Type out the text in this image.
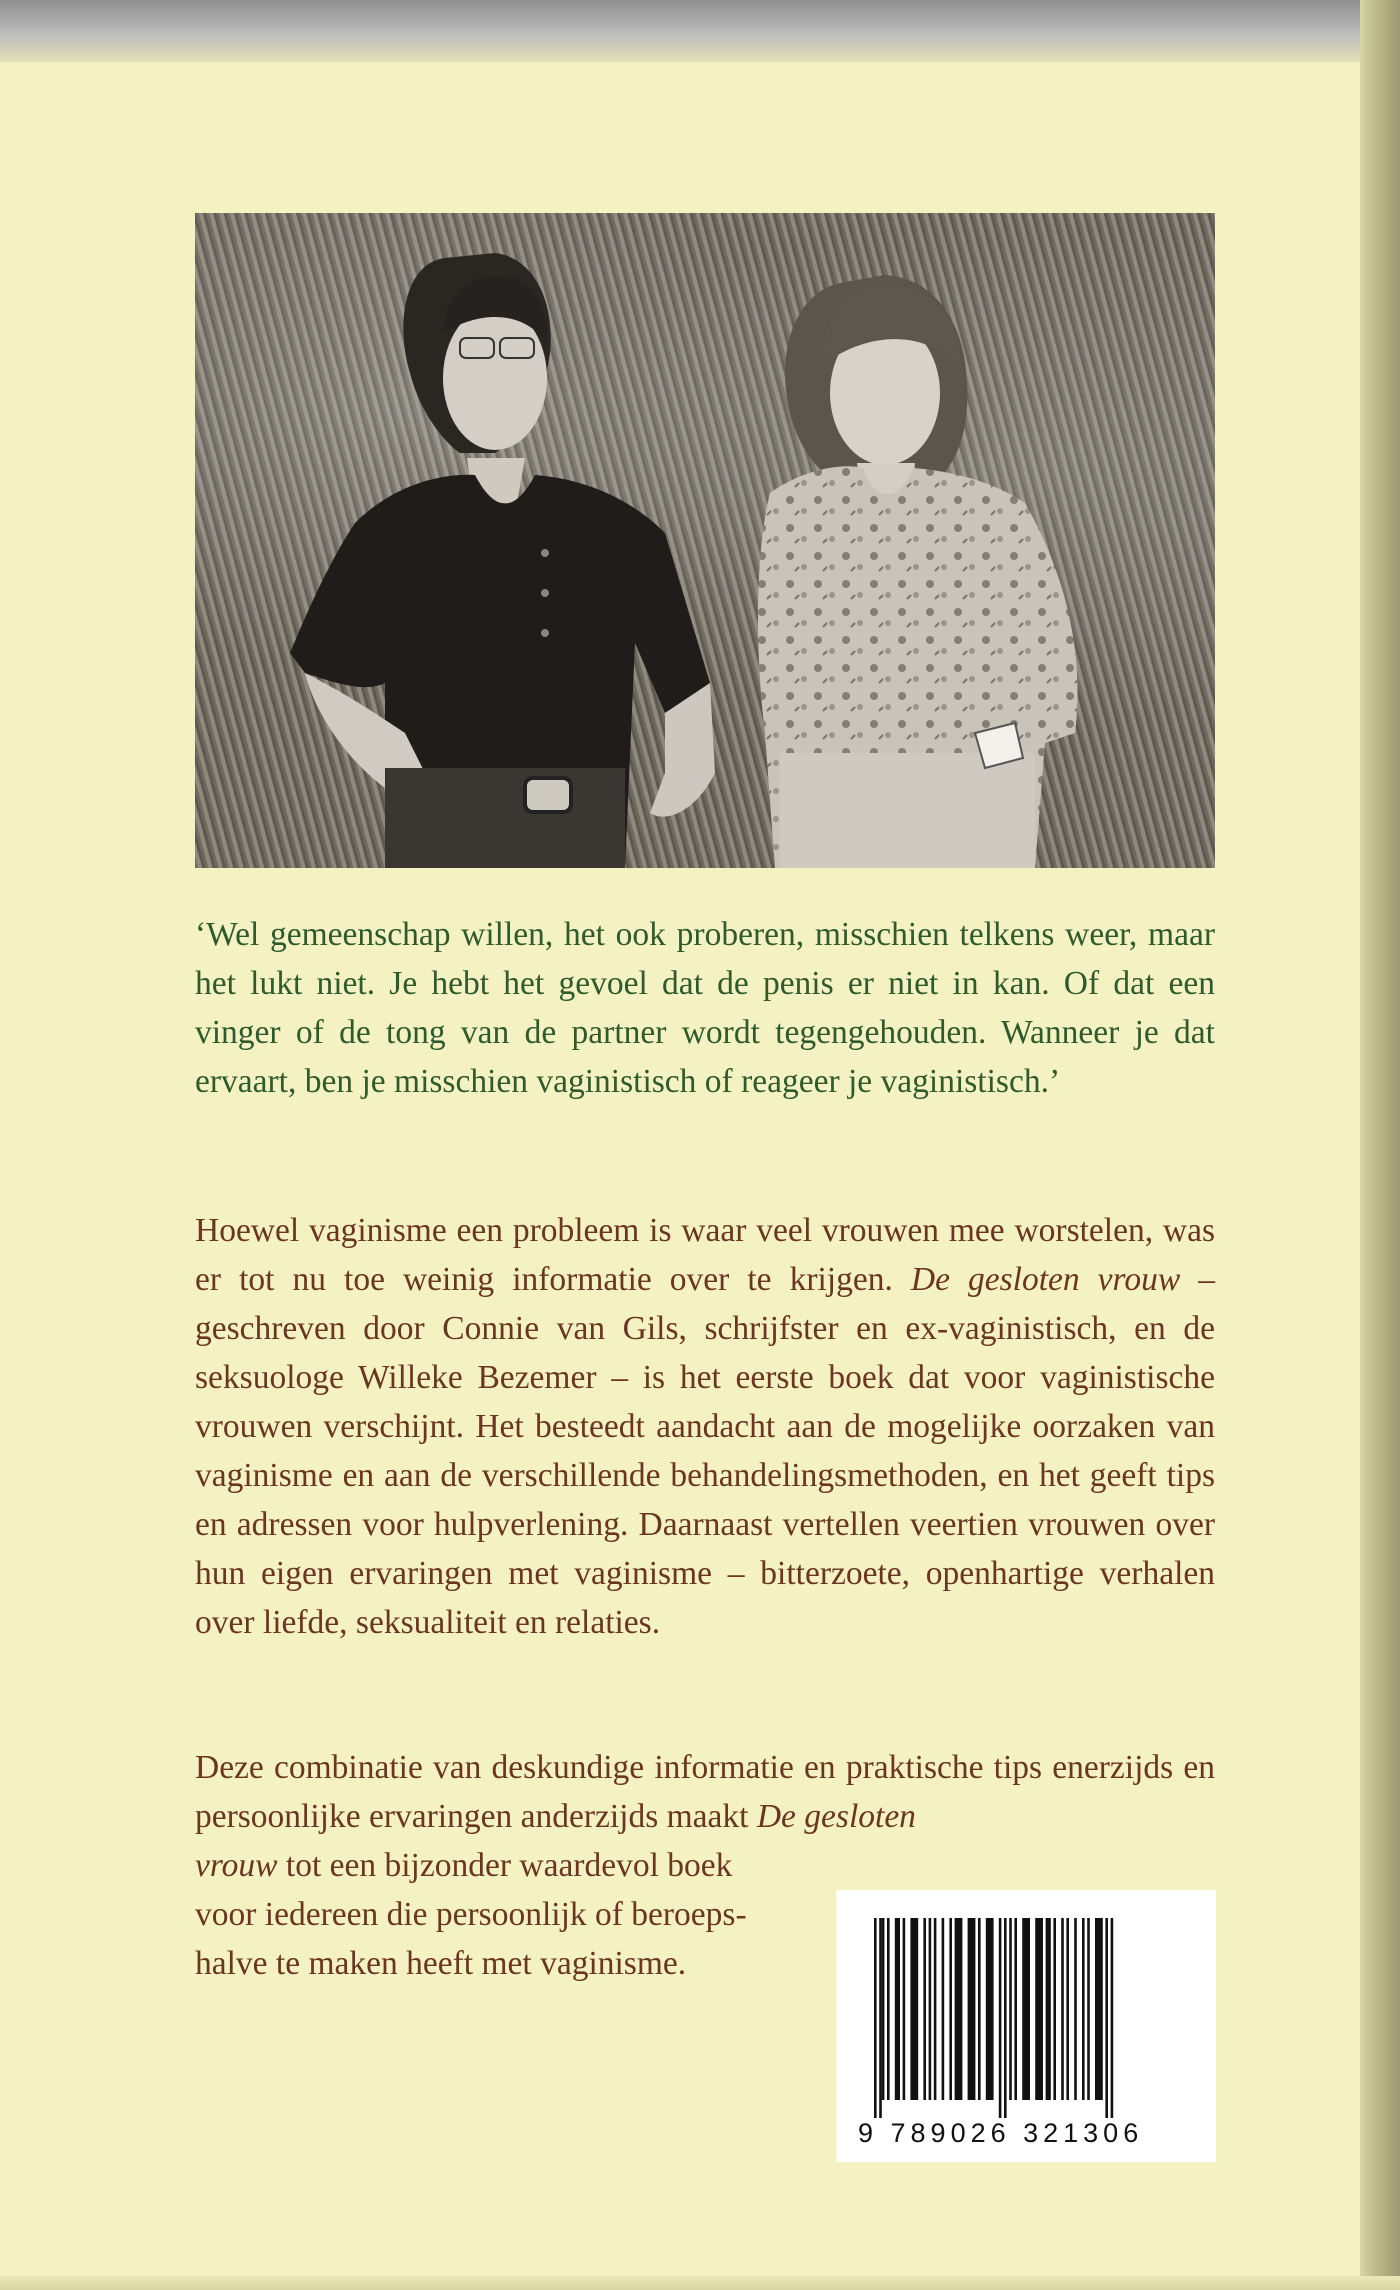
‘Wel gemeenschap willen, het ook proberen, misschien telkens weer, maar het lukt niet. Je hebt het gevoel dat de penis er niet in kan. Of dat een vinger of de tong van de partner wordt tegengehouden. Wanneer je dat ervaart, ben je misschien vaginistisch of reageer je vaginistisch.’
Hoewel vaginisme een probleem is waar veel vrouwen mee worstelen, was er tot nu toe weinig informatie over te krijgen. De gesloten vrouw – geschreven door Connie van Gils, schrijfster en ex-vaginistisch, en de seksuologe Willeke Bezemer – is het eerste boek dat voor vaginistische vrouwen verschijnt. Het besteedt aandacht aan de mogelijke oorzaken van vaginisme en aan de verschillende behandelingsmethoden, en het geeft tips en adressen voor hulpverlening. Daarnaast vertellen veertien vrouwen over hun eigen ervaringen met vaginisme – bitterzoete, openhartige verhalen over liefde, seksualiteit en relaties.
Deze combinatie van deskundige informatie en praktische tips enerzijds en persoonlijke ervaringen anderzijds maakt De gesloten
vrouw tot een bijzonder waardevol boek
voor iedereen die persoonlijk of beroeps-
halve te maken heeft met vaginisme.
9 789026 321306
